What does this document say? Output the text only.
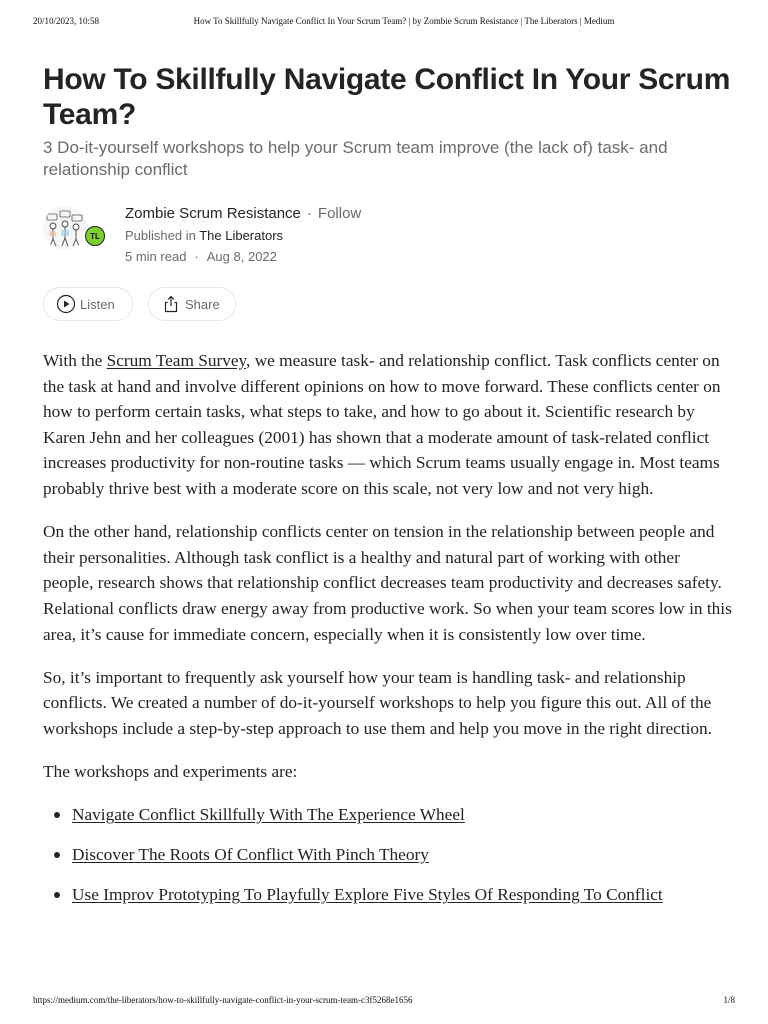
20/10/2023, 10:58	How To Skillfully Navigate Conflict In Your Scrum Team? | by Zombie Scrum Resistance | The Liberators | Medium
How To Skillfully Navigate Conflict In Your Scrum Team?

3 Do-it-yourself workshops to help your Scrum team improve (the lack of) task- and relationship conflict

TL
Zombie Scrum Resistance · Follow
Published in The Liberators
5 min read · Aug 8, 2022
Listen	Share

With the Scrum Team Survey, we measure task- and relationship conflict. Task conflicts center on the task at hand and involve different opinions on how to move forward. These conflicts center on how to perform certain tasks, what steps to take, and how to go about it. Scientific research by Karen Jehn and her colleagues (2001) has shown that a moderate amount of task-related conflict increases productivity for non-routine tasks — which Scrum teams usually engage in. Most teams probably thrive best with a moderate score on this scale, not very low and not very high.

On the other hand, relationship conflicts center on tension in the relationship between people and their personalities. Although task conflict is a healthy and natural part of working with other people, research shows that relationship conflict decreases team productivity and decreases safety. Relational conflicts draw energy away from productive work. So when your team scores low in this area, it’s cause for immediate concern, especially when it is consistently low over time.

So, it’s important to frequently ask yourself how your team is handling task- and relationship conflicts. We created a number of do-it-yourself workshops to help you figure this out. All of the workshops include a step-by-step approach to use them and help you move in the right direction.

The workshops and experiments are:

Navigate Conflict Skillfully With The Experience Wheel
Discover The Roots Of Conflict With Pinch Theory
Use Improv Prototyping To Playfully Explore Five Styles Of Responding To Conflict
https://medium.com/the-liberators/how-to-skillfully-navigate-conflict-in-your-scrum-team-c3f5268e1656	1/8
